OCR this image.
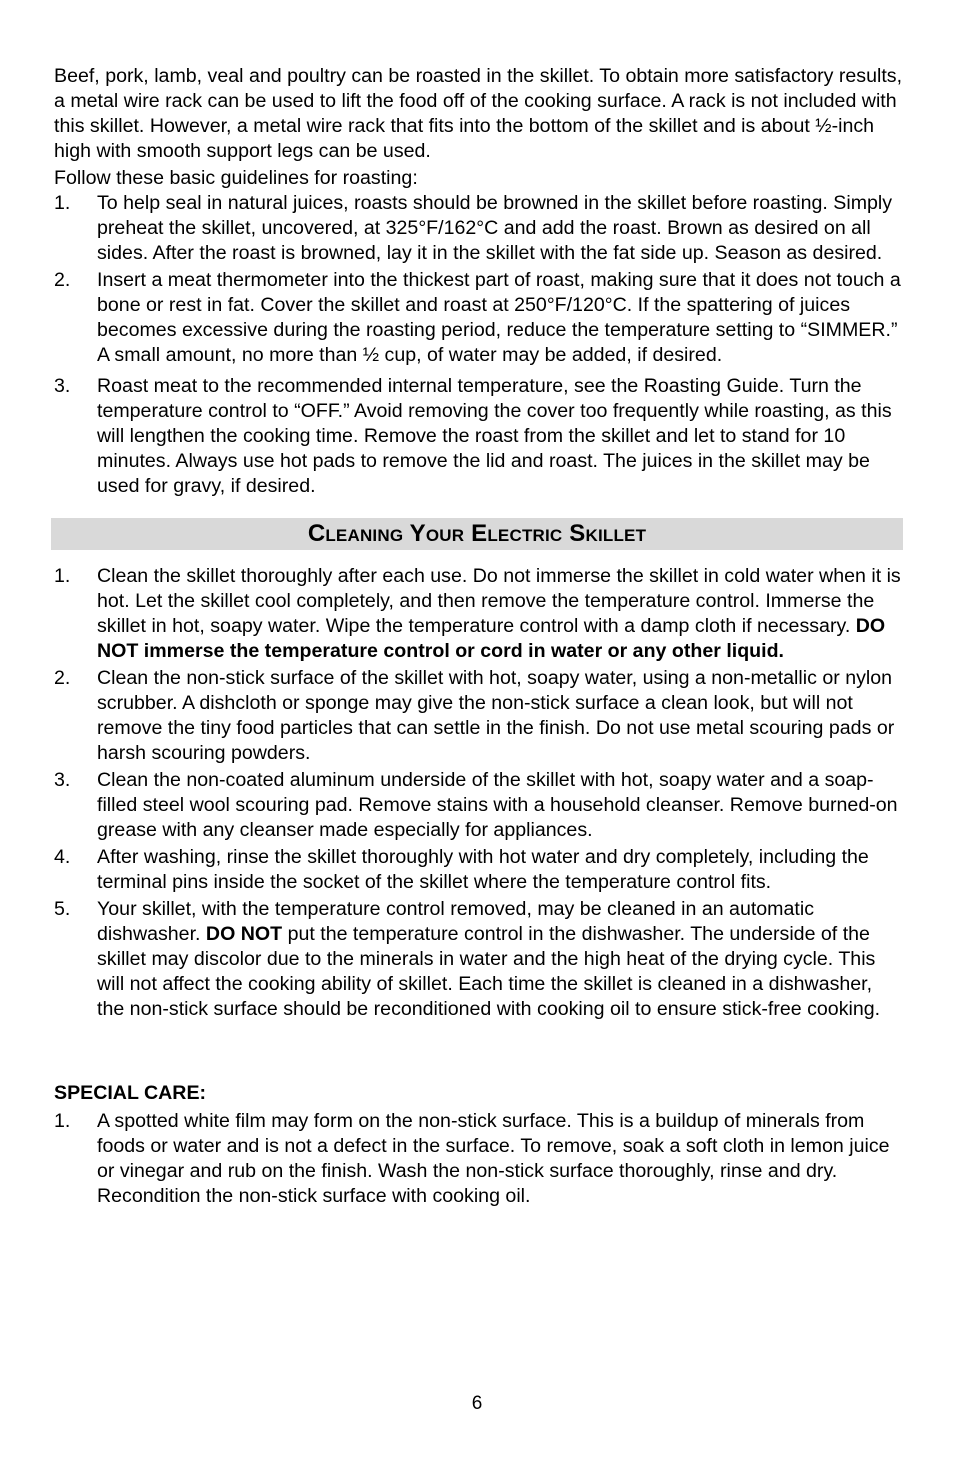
Beef, pork, lamb, veal and poultry can be roasted in the skillet. To obtain more satisfactory results, a metal wire rack can be used to lift the food off of the cooking surface. A rack is not included with this skillet. However, a metal wire rack that fits into the bottom of the skillet and is about ½-inch high with smooth support legs can be used.

Follow these basic guidelines for roasting:

1.	To help seal in natural juices, roasts should be browned in the skillet before roasting. Simply preheat the skillet, uncovered, at 325°F/162°C and add the roast. Brown as desired on all sides. After the roast is browned, lay it in the skillet with the fat side up. Season as desired.
2.	Insert a meat thermometer into the thickest part of roast, making sure that it does not touch a bone or rest in fat. Cover the skillet and roast at 250°F/120°C. If the spattering of juices becomes excessive during the roasting period, reduce the temperature setting to “SIMMER.” A small amount, no more than ½ cup, of water may be added, if desired.
3.	Roast meat to the recommended internal temperature, see the Roasting Guide. Turn the temperature control to “OFF.” Avoid removing the cover too frequently while roasting, as this will lengthen the cooking time. Remove the roast from the skillet and let to stand for 10 minutes. Always use hot pads to remove the lid and roast. The juices in the skillet may be used for gravy, if desired.
Cleaning Your Electric Skillet
1.	Clean the skillet thoroughly after each use. Do not immerse the skillet in cold water when it is hot. Let the skillet cool completely, and then remove the temperature control. Immerse the skillet in hot, soapy water. Wipe the temperature control with a damp cloth if necessary. DO NOT immerse the temperature control or cord in water or any other liquid.
2.	Clean the non-stick surface of the skillet with hot, soapy water, using a non-metallic or nylon scrubber. A dishcloth or sponge may give the non-stick surface a clean look, but will not remove the tiny food particles that can settle in the finish. Do not use metal scouring pads or harsh scouring powders.
3.	Clean the non-coated aluminum underside of the skillet with hot, soapy water and a soap-filled steel wool scouring pad. Remove stains with a household cleanser. Remove burned-on grease with any cleanser made especially for appliances.
4.	After washing, rinse the skillet thoroughly with hot water and dry completely, including the terminal pins inside the socket of the skillet where the temperature control fits.
5.	Your skillet, with the temperature control removed, may be cleaned in an automatic dishwasher. DO NOT put the temperature control in the dishwasher. The underside of the skillet may discolor due to the minerals in water and the high heat of the drying cycle. This will not affect the cooking ability of skillet. Each time the skillet is cleaned in a dishwasher, the non-stick surface should be reconditioned with cooking oil to ensure stick-free cooking.
SPECIAL CARE:
1.	A spotted white film may form on the non-stick surface. This is a buildup of minerals from foods or water and is not a defect in the surface. To remove, soak a soft cloth in lemon juice or vinegar and rub on the finish. Wash the non-stick surface thoroughly, rinse and dry. Recondition the non-stick surface with cooking oil.
6
